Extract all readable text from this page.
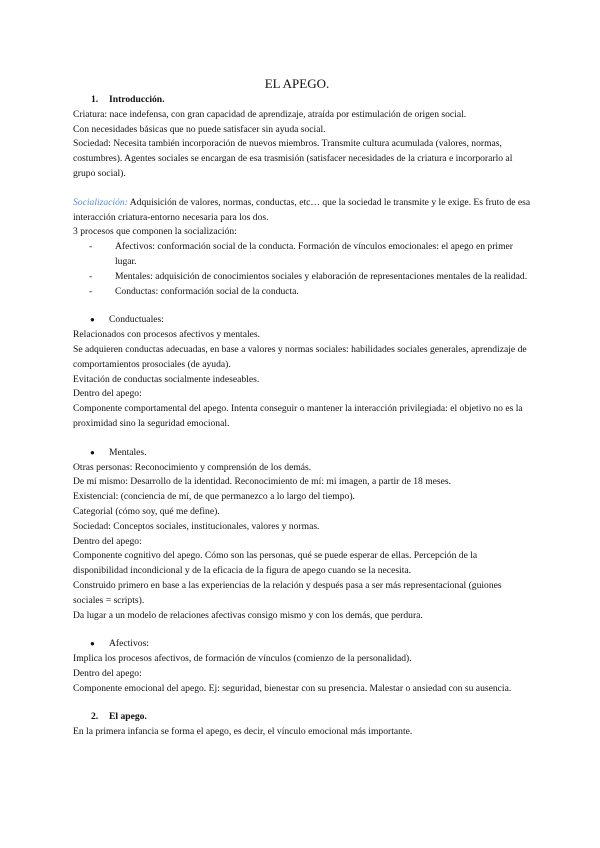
EL APEGO.
1. Introducción.

Criatura: nace indefensa, con gran capacidad de aprendizaje, atraída por estimulación de origen social.

Con necesidades básicas que no puede satisfacer sin ayuda social.

Sociedad: Necesita también incorporación de nuevos miembros. Transmite cultura acumulada (valores, normas, costumbres). Agentes sociales se encargan de esa trasmisión (satisfacer necesidades de la criatura e incorporarlo al grupo social).

Socialización: Adquisición de valores, normas, conductas, etc… que la sociedad le transmite y le exige. Es fruto de esa interacción criatura-entorno necesaria para los dos.

3 procesos que componen la socialización:

- Afectivos: conformación social de la conducta. Formación de vínculos emocionales: el apego en primer lugar.
- Mentales: adquisición de conocimientos sociales y elaboración de representaciones mentales de la realidad.
- Conductas: conformación social de la conducta.
● Conductuales:

Relacionados con procesos afectivos y mentales.

Se adquieren conductas adecuadas, en base a valores y normas sociales: habilidades sociales generales, aprendizaje de comportamientos prosociales (de ayuda).

Evitación de conductas socialmente indeseables.

Dentro del apego:

Componente comportamental del apego. Intenta conseguir o mantener la interacción privilegiada: el objetivo no es la proximidad sino la seguridad emocional.

● Mentales.

Otras personas: Reconocimiento y comprensión de los demás.

De mí mismo: Desarrollo de la identidad. Reconocimiento de mí: mi imagen, a partir de 18 meses.

Existencial: (conciencia de mí, de que permanezco a lo largo del tiempo).

Categorial (cómo soy, qué me define).

Sociedad: Conceptos sociales, institucionales, valores y normas.

Dentro del apego:

Componente cognitivo del apego. Cómo son las personas, qué se puede esperar de ellas. Percepción de la disponibilidad incondicional y de la eficacia de la figura de apego cuando se la necesita.

Construido primero en base a las experiencias de la relación y después pasa a ser más representacional (guiones sociales = scripts).

Da lugar a un modelo de relaciones afectivas consigo mismo y con los demás, que perdura.

● Afectivos:

Implica los procesos afectivos, de formación de vínculos (comienzo de la personalidad).

Dentro del apego:

Componente emocional del apego. Ej: seguridad, bienestar con su presencia. Malestar o ansiedad con su ausencia.

2. El apego.

En la primera infancia se forma el apego, es decir, el vínculo emocional más importante.
